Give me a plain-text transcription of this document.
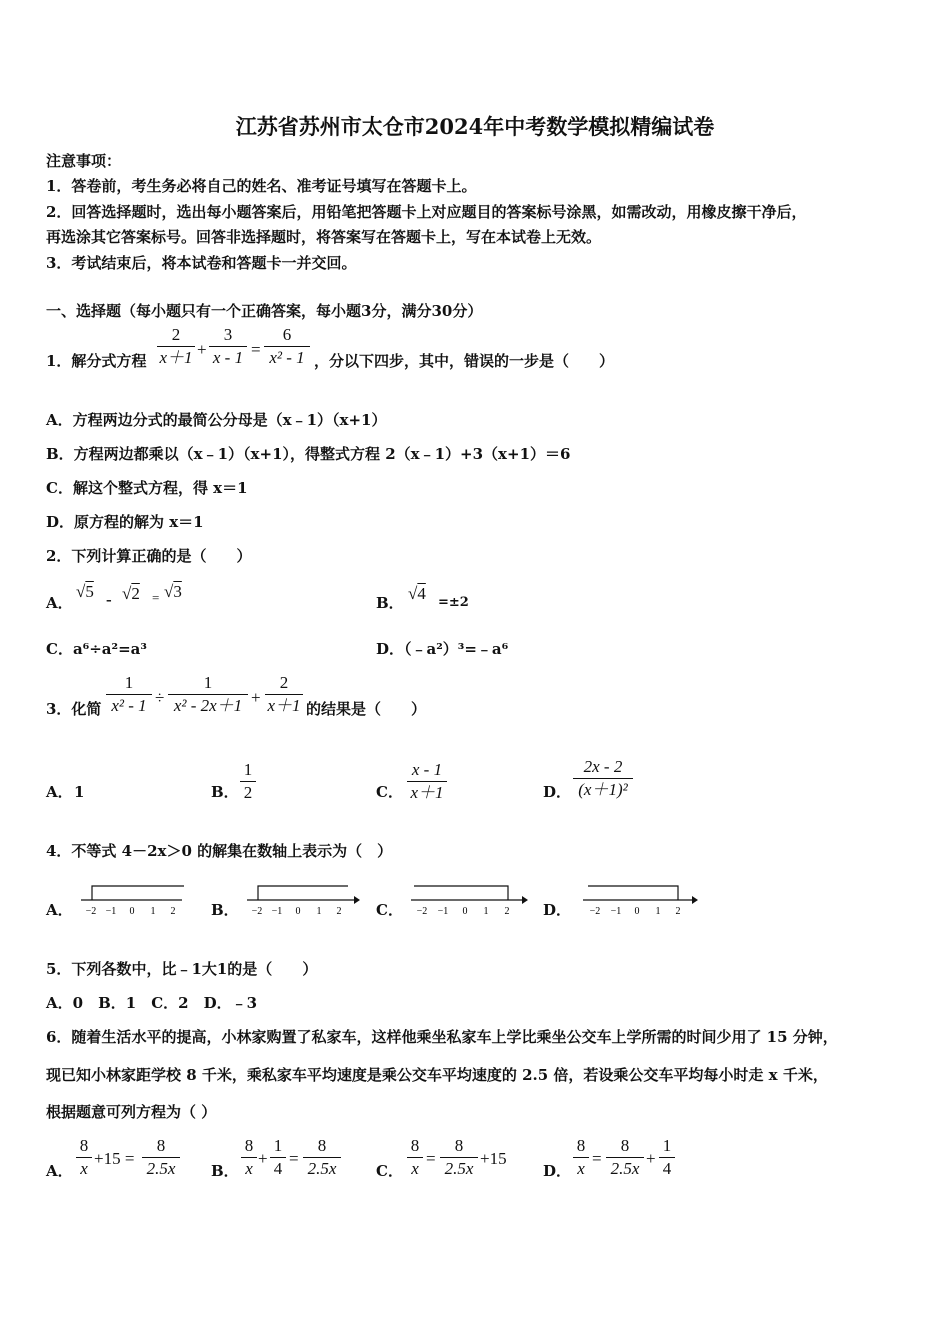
江苏省苏州市太仓市2024年中考数学模拟精编试卷
注意事项：
1．答卷前，考生务必将自己的姓名、准考证号填写在答题卡上。
2．回答选择题时，选出每小题答案后，用铅笔把答题卡上对应题目的答案标号涂黑，如需改动，用橡皮擦干净后，
再选涂其它答案标号。回答非选择题时，将答案写在答题卡上，写在本试卷上无效。
3．考试结束后，将本试卷和答题卡一并交回。
一、选择题（每小题只有一个正确答案，每小题3分，满分30分）
1．解分式方程
2
x＋1 +
3
x - 1 =
6
x² - 1 ，分以下四步，其中，错误的一步是（　　）
A．方程两边分式的最简公分母是（x﹣1）（x+1）
B．方程两边都乘以（x﹣1）（x+1），得整式方程 2（x﹣1）+3（x+1）＝6
C．解这个整式方程，得 x＝1
D．原方程的解为 x＝1
2．下列计算正确的是（　　）
A．
√5 - √2 = √3
B． √4 =±2
C．a⁶÷a²=a³	D．（﹣a²）³=﹣a⁶
3．化简
1
x² - 1 ÷
1
x² - 2x＋1 +
2
x＋1 的结果是（　　）
A． 1	B．
1
2	C．
x - 1
x＋1	D．
2x - 2
(x＋1)²
4．不等式 4－2x＞0 的解集在数轴上表示为（　）
A． −2 −1 0 1 2 B． −2 −1 0 1 2 C． −2 −1 0 1 2 D． −2 −1 0 1 2
5．下列各数中，比﹣1大1的是（　　）
A．0　B．1　C．2　D．﹣3
6．随着生活水平的提高，小林家购置了私家车，这样他乘坐私家车上学比乘坐公交车上学所需的时间少用了 15 分钟，
现已知小林家距学校 8 千米，乘私家车平均速度是乘公交车平均速度的 2.5 倍，若设乘公交车平均每小时走 x 千米，
根据题意可列方程为（ ）
A．
8
x
+15 =
8
2.5x	B．
8
x
+
1
4
=
8
2.5x	C．
8
x
=
8
2.5x
+15
D．
8
x
=
8
2.5x
+
1
4
